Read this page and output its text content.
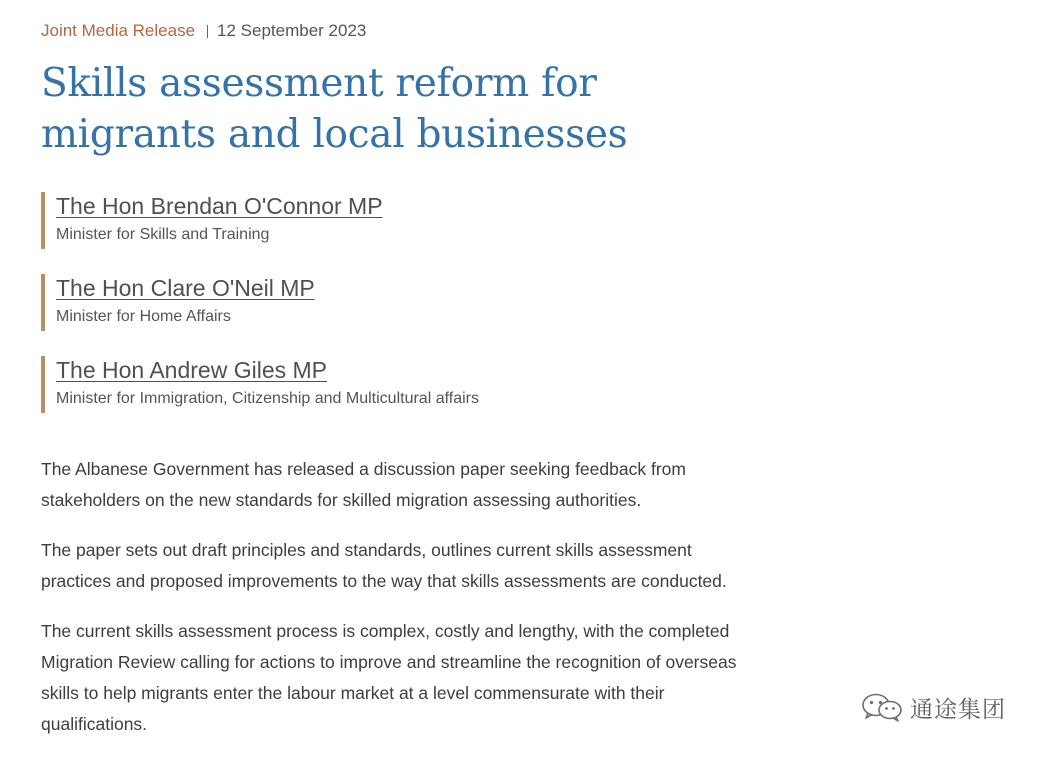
Joint Media Release 12 September 2023
Skills assessment reform for migrants and local businesses
The Hon Brendan O'Connor MP
Minister for Skills and Training
The Hon Clare O'Neil MP
Minister for Home Affairs
The Hon Andrew Giles MP
Minister for Immigration, Citizenship and Multicultural affairs

The Albanese Government has released a discussion paper seeking feedback from stakeholders on the new standards for skilled migration assessing authorities.

The paper sets out draft principles and standards, outlines current skills assessment practices and proposed improvements to the way that skills assessments are conducted.

The current skills assessment process is complex, costly and lengthy, with the completed Migration Review calling for actions to improve and streamline the recognition of overseas skills to help migrants enter the labour market at a level commensurate with their qualifications.

通途集团
